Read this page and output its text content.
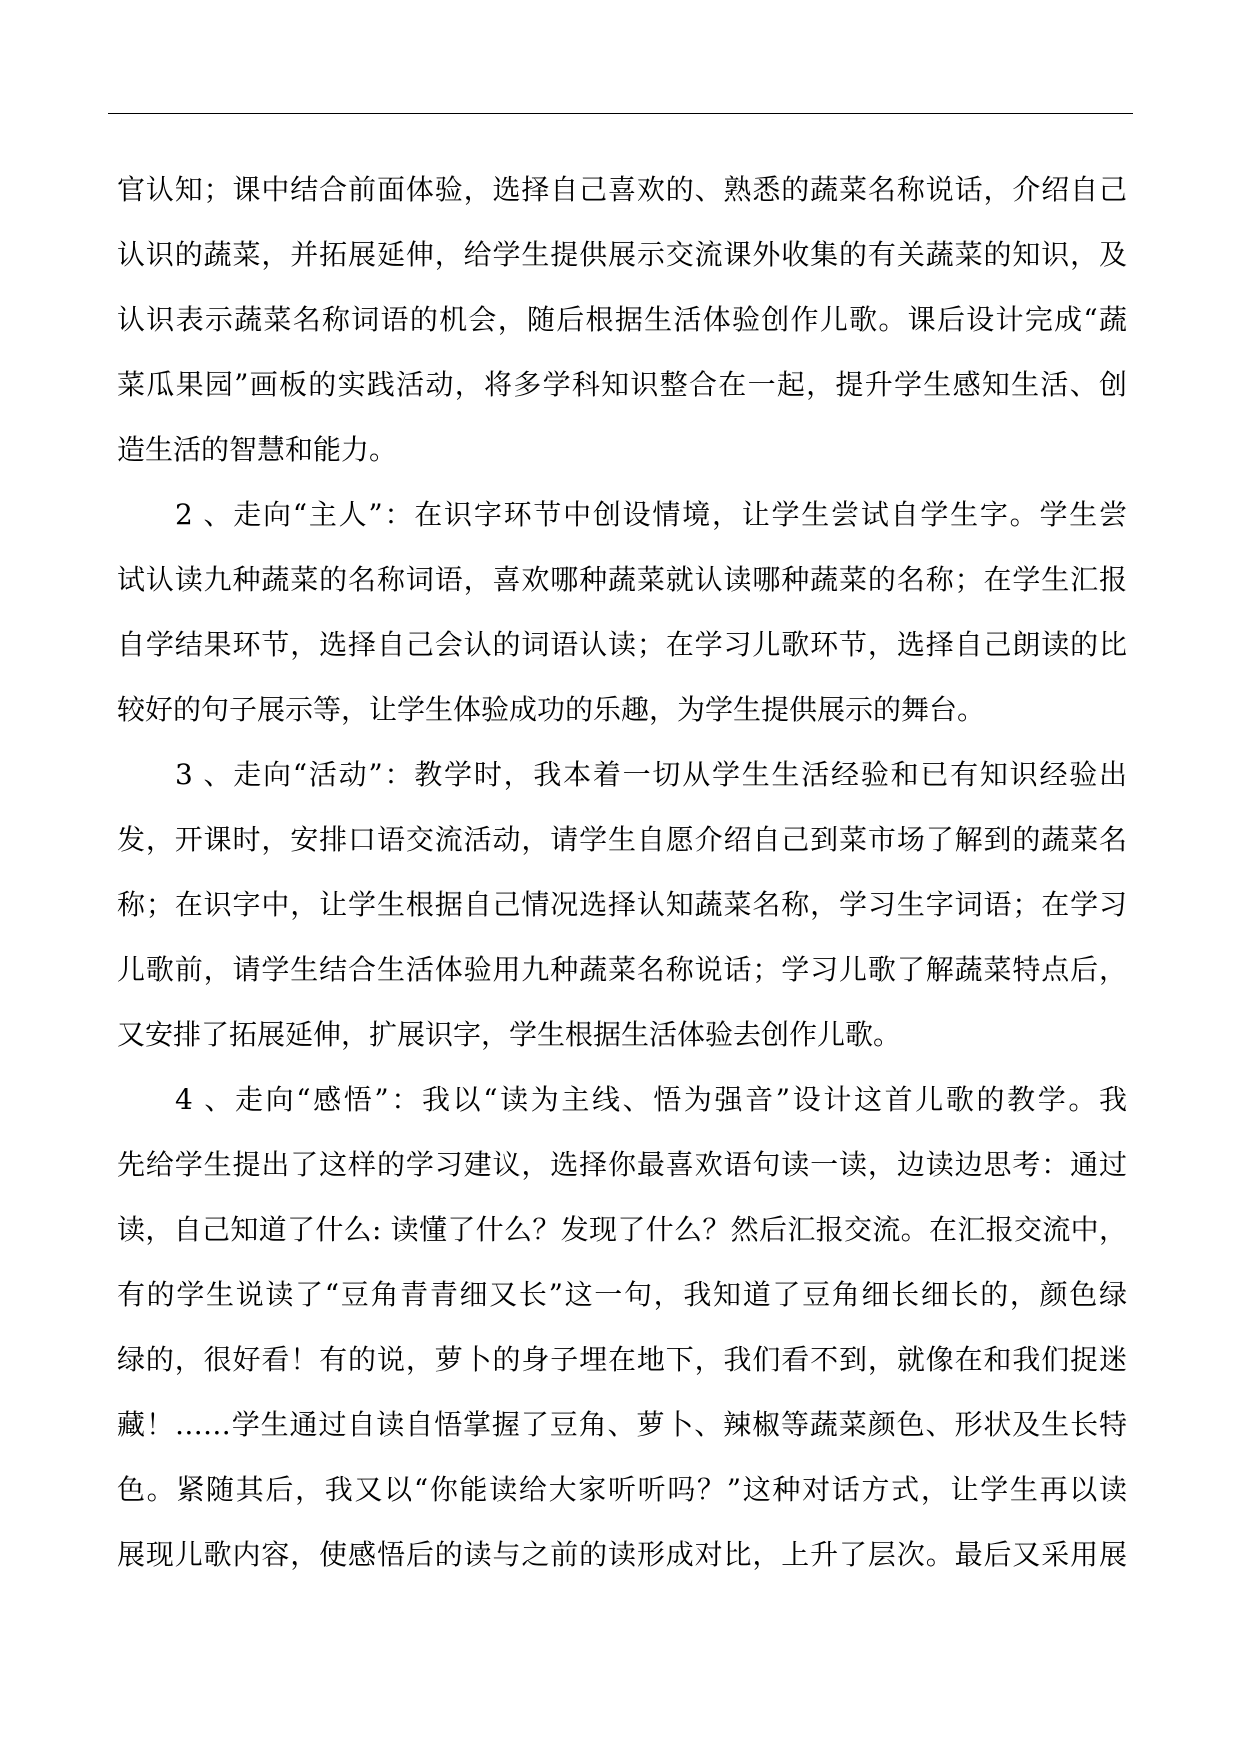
官认知；课中结合前面体验，选择自己喜欢的、熟悉的蔬菜名称说话，介绍自己
认识的蔬菜，并拓展延伸，给学生提供展示交流课外收集的有关蔬菜的知识，及
认识表示蔬菜名称词语的机会，随后根据生活体验创作儿歌。课后设计完成“蔬
菜瓜果园”画板的实践活动，将多学科知识整合在一起，提升学生感知生活、创
造生活的智慧和能力。
2 、走向“主人”：在识字环节中创设情境，让学生尝试自学生字。学生尝
试认读九种蔬菜的名称词语，喜欢哪种蔬菜就认读哪种蔬菜的名称；在学生汇报
自学结果环节，选择自己会认的词语认读；在学习儿歌环节，选择自己朗读的比
较好的句子展示等，让学生体验成功的乐趣，为学生提供展示的舞台。
3 、走向“活动”：教学时，我本着一切从学生生活经验和已有知识经验出
发，开课时，安排口语交流活动，请学生自愿介绍自己到菜市场了解到的蔬菜名
称；在识字中，让学生根据自己情况选择认知蔬菜名称，学习生字词语；在学习
儿歌前，请学生结合生活体验用九种蔬菜名称说话；学习儿歌了解蔬菜特点后，
又安排了拓展延伸，扩展识字，学生根据生活体验去创作儿歌。
4 、走向“感悟”：我以“读为主线、悟为强音”设计这首儿歌的教学。我
先给学生提出了这样的学习建议，选择你最喜欢语句读一读，边读边思考：通过
读，自己知道了什么: 读懂了什么？发现了什么？然后汇报交流。在汇报交流中，
有的学生说读了“豆角青青细又长”这一句，我知道了豆角细长细长的，颜色绿
绿的，很好看！有的说，萝卜的身子埋在地下，我们看不到，就像在和我们捉迷
藏！……学生通过自读自悟掌握了豆角、萝卜、辣椒等蔬菜颜色、形状及生长特
色。紧随其后，我又以“你能读给大家听听吗？”这种对话方式，让学生再以读
展现儿歌内容，使感悟后的读与之前的读形成对比，上升了层次。最后又采用展
